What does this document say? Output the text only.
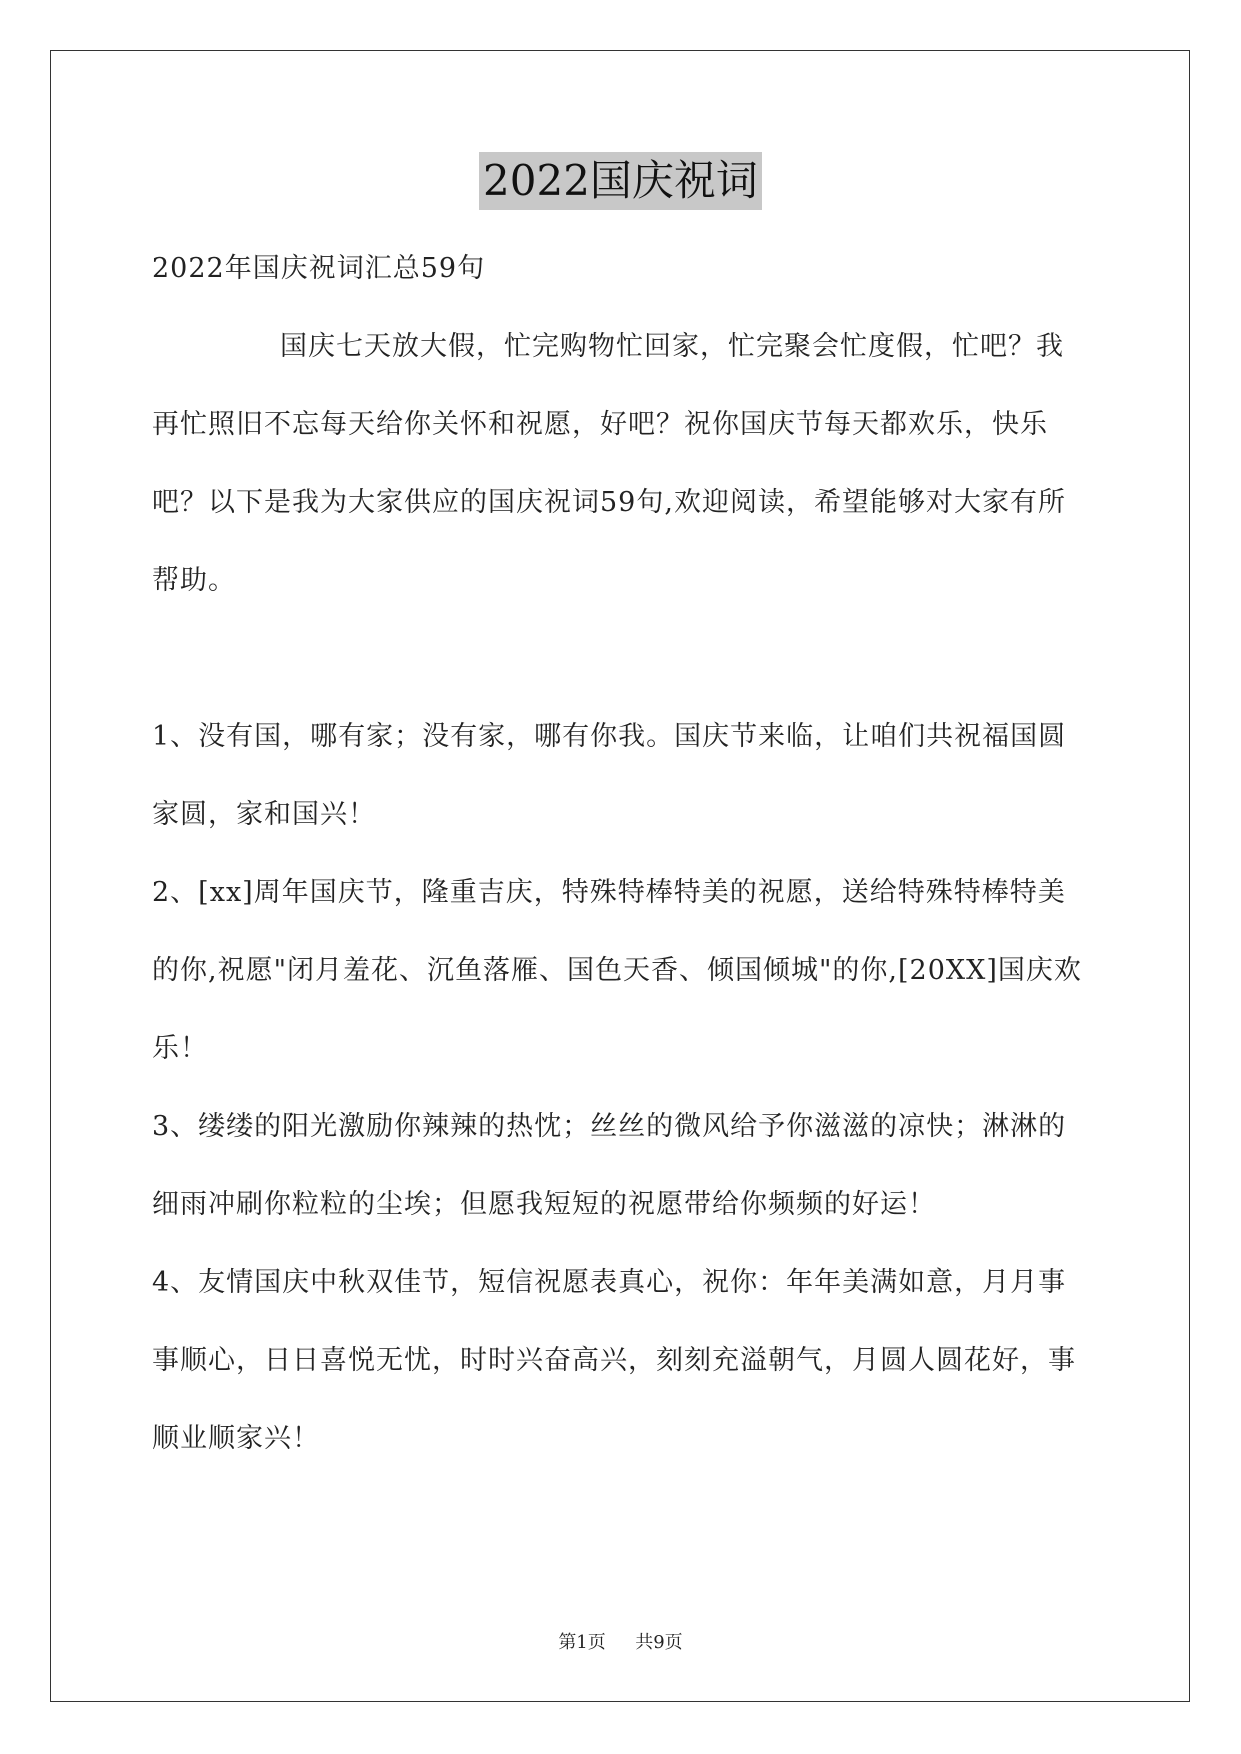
2022国庆祝词

2022年国庆祝词汇总59句

国庆七天放大假，忙完购物忙回家，忙完聚会忙度假，忙吧？我再忙照旧不忘每天给你关怀和祝愿，好吧？祝你国庆节每天都欢乐，快乐吧？以下是我为大家供应的国庆祝词59句,欢迎阅读，希望能够对大家有所帮助。

1、没有国，哪有家；没有家，哪有你我。国庆节来临，让咱们共祝福国圆家圆，家和国兴！

2、[xx]周年国庆节，隆重吉庆，特殊特棒特美的祝愿，送给特殊特棒特美的你,祝愿"闭月羞花、沉鱼落雁、国色天香、倾国倾城"的你,[20XX]国庆欢乐！

3、缕缕的阳光激励你辣辣的热忱；丝丝的微风给予你滋滋的凉快；淋淋的细雨冲刷你粒粒的尘埃；但愿我短短的祝愿带给你频频的好运！

4、友情国庆中秋双佳节，短信祝愿表真心，祝你：年年美满如意，月月事事顺心，日日喜悦无忧，时时兴奋高兴，刻刻充溢朝气，月圆人圆花好，事顺业顺家兴！

第1页 共9页
